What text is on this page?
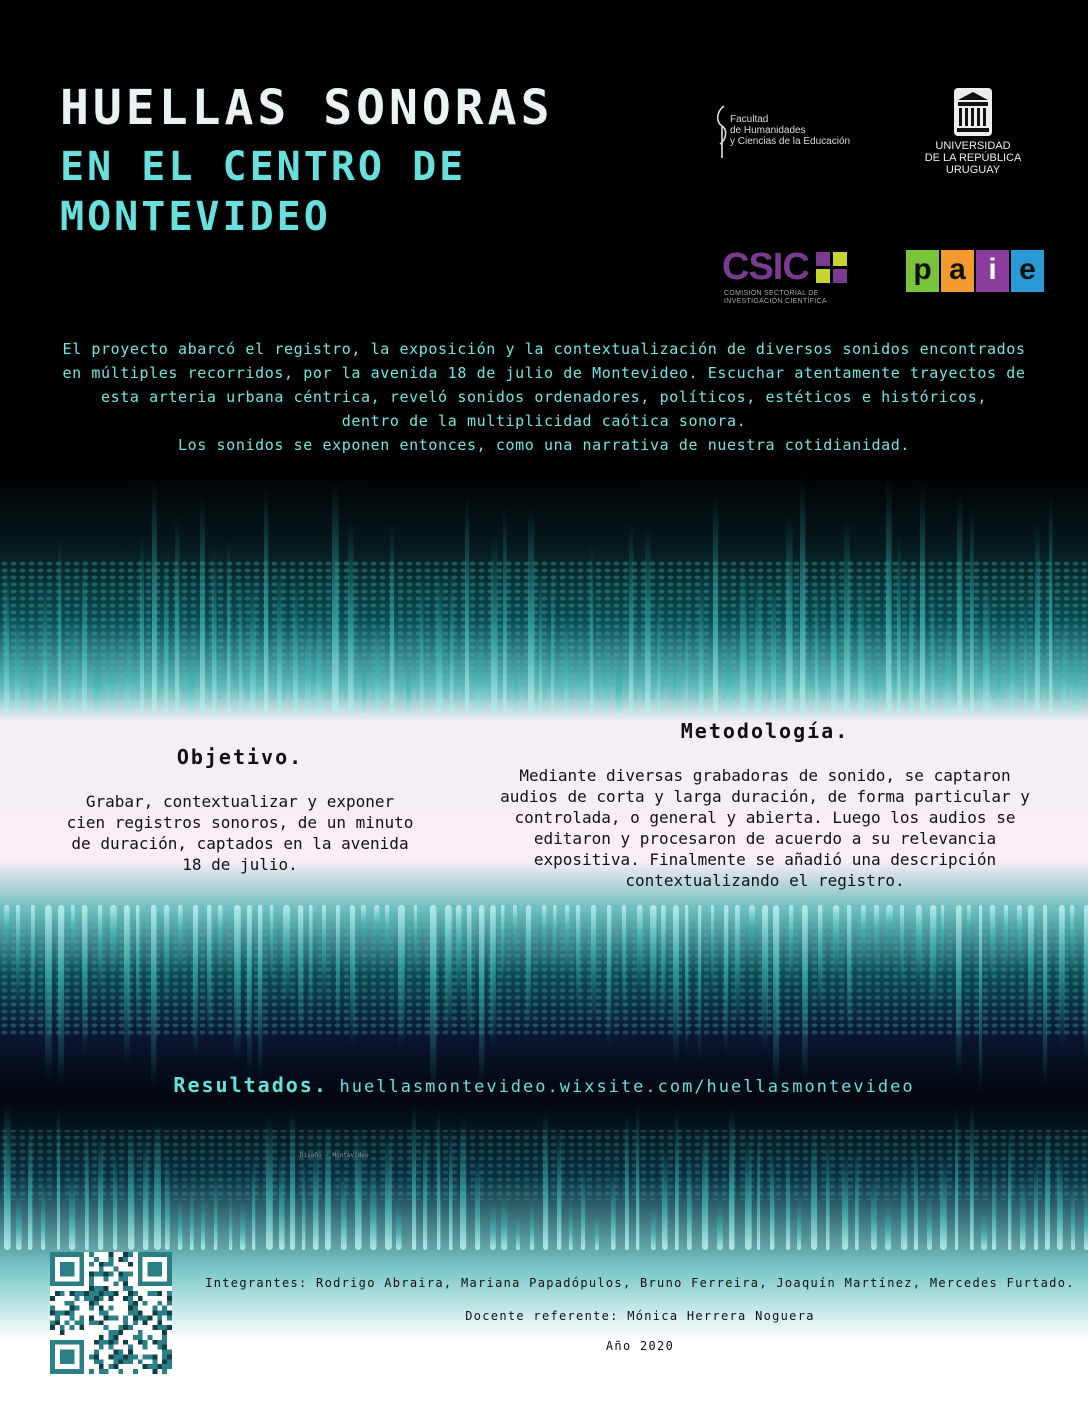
HUELLAS SONORAS
EN EL CENTRO DE
MONTEVIDEO
Facultad
de Humanidades
y Ciencias de la Educación	UNIVERSIDAD
DE LA REPÚBLICA
URUGUAY
CSIC
COMISIÓN SECTORIAL DE
INVESTIGACIÓN CIENTÍFICA
p a i e

El proyecto abarcó el registro, la exposición y la contextualización de diversos sonidos encontrados

en múltiples recorridos, por la avenida 18 de julio de Montevideo. Escuchar atentamente trayectos de

esta arteria urbana céntrica, reveló sonidos ordenadores, políticos, estéticos e históricos,

dentro de la multiplicidad caótica sonora.

Los sonidos se exponen entonces, como una narrativa de nuestra cotidianidad.

Objetivo.
Grabar, contextualizar y exponer
cien registros sonoros, de un minuto
de duración, captados en la avenida
18 de julio.
Metodología.
Mediante diversas grabadoras de sonido, se captaron
audios de corta y larga duración, de forma particular y
controlada, o general y abierta. Luego los audios se
editaron y procesaron de acuerdo a su relevancia
expositiva. Finalmente se añadió una descripción
contextualizando el registro.
Resultados. huellasmontevideo.wixsite.com/huellasmontevideo
Diseño · Montevideo
Integrantes: Rodrigo Abraira, Mariana Papadópulos, Bruno Ferreira, Joaquín Martínez, Mercedes Furtado.
Docente referente: Mónica Herrera Noguera
Año 2020
